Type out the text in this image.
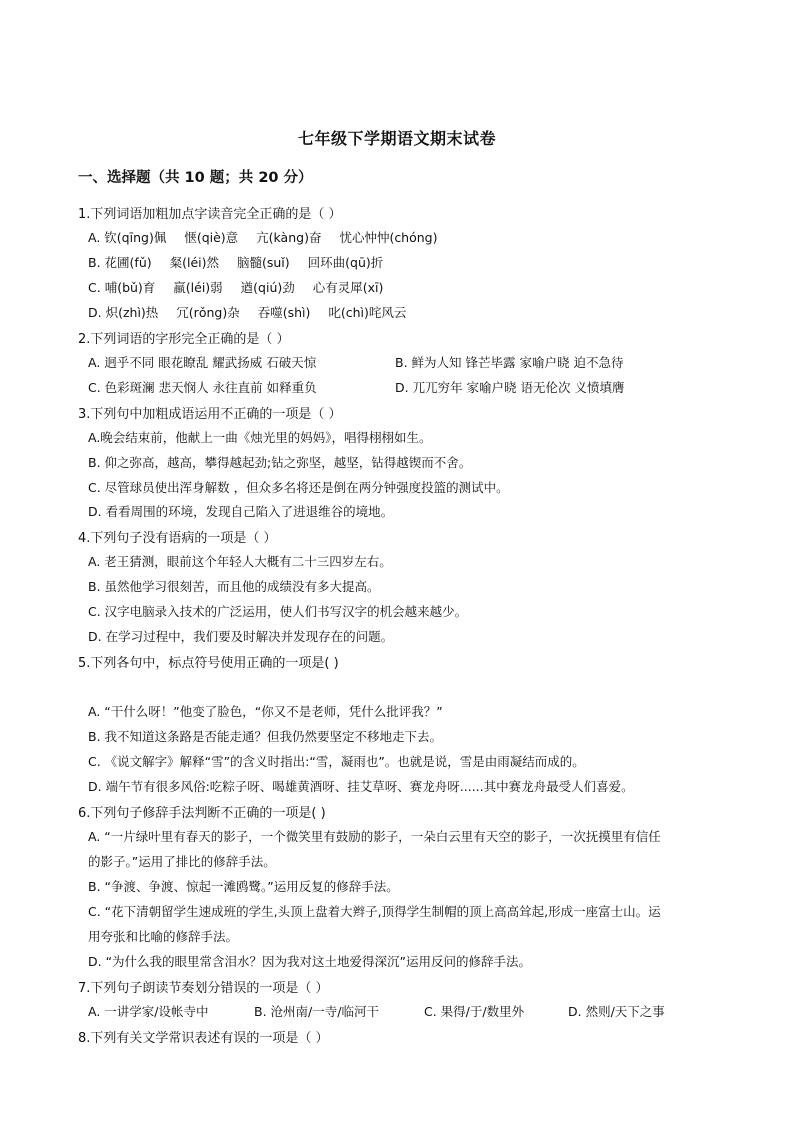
七年级下学期语文期末试卷
一、选择题（共 10 题；共 20 分）
1.下列词语加粗加点字读音完全正确的是（ ）
A. 钦(qīng)佩 惬(qiè)意 亢(kàng)奋 忧心忡忡(chóng)
B. 花圃(fǔ) 粲(léi)然 脑髓(suǐ) 回环曲(qū)折
C. 哺(bǔ)育 羸(léi)弱 遒(qiú)劲 心有灵犀(xī)
D. 炽(zhì)热 冗(rǒng)杂 吞噬(shì) 叱(chì)咤风云
2.下列词语的字形完全正确的是（ ）
A. 迥乎不同 眼花瞭乱 耀武扬威 石破天惊	B. 鲜为人知 锋芒毕露 家喻户晓 迫不急待
C. 色彩斑澜 悲天悯人 永往直前 如释重负	D. 兀兀穷年 家喻户晓 语无伦次 义愤填膺
3.下列句中加粗成语运用不正确的一项是（ ）
A.晚会结束前，他献上一曲《烛光里的妈妈》，唱得栩栩如生。
B. 仰之弥高，越高，攀得越起劲;钻之弥坚，越坚，钻得越锲而不舍。
C. 尽管球员使出浑身解数 ，但众多名将还是倒在两分钟强度投篮的测试中。
D. 看看周围的环境，发现自己陷入了进退维谷的境地。
4.下列句子没有语病的一项是（ ）
A. 老王猜测，眼前这个年轻人大概有二十三四岁左右。
B. 虽然他学习很刻苦，而且他的成绩没有多大提高。
C. 汉字电脑录入技术的广泛运用，使人们书写汉字的机会越来越少。
D. 在学习过程中，我们要及时解决并发现存在的问题。
5.下列各句中，标点符号使用正确的一项是( )
A. “干什么呀！”他变了脸色，“你又不是老师，凭什么批评我？”
B. 我不知道这条路是否能走通？但我仍然要坚定不移地走下去。
C. 《说文解字》解释“雪”的含义时指出:“雪，凝雨也”。也就是说，雪是由雨凝结而成的。
D. 端午节有很多风俗:吃粽子呀、喝雄黄酒呀、挂艾草呀、赛龙舟呀......其中赛龙舟最受人们喜爱。
6.下列句子修辞手法判断不正确的一项是( )
A. “一片绿叶里有春天的影子，一个微笑里有鼓励的影子，一朵白云里有天空的影子，一次抚摸里有信任
的影子。”运用了排比的修辞手法。
B. “争渡、争渡、惊起一滩鸥鹭。”运用反复的修辞手法。
C. “花下清朝留学生速成班的学生,头顶上盘着大辫子,顶得学生制帽的顶上高高耸起,形成一座富士山。运
用夸张和比喻的修辞手法。
D. “为什么我的眼里常含泪水？因为我对这土地爱得深沉”运用反问的修辞手法。
7.下列句子朗读节奏划分错误的一项是（ ）
A. 一讲学家/设帐寺中	B. 沧州南/一寺/临河干	C. 果得/于/数里外	D. 然则/天下之事
8.下列有关文学常识表述有误的一项是（ ）
